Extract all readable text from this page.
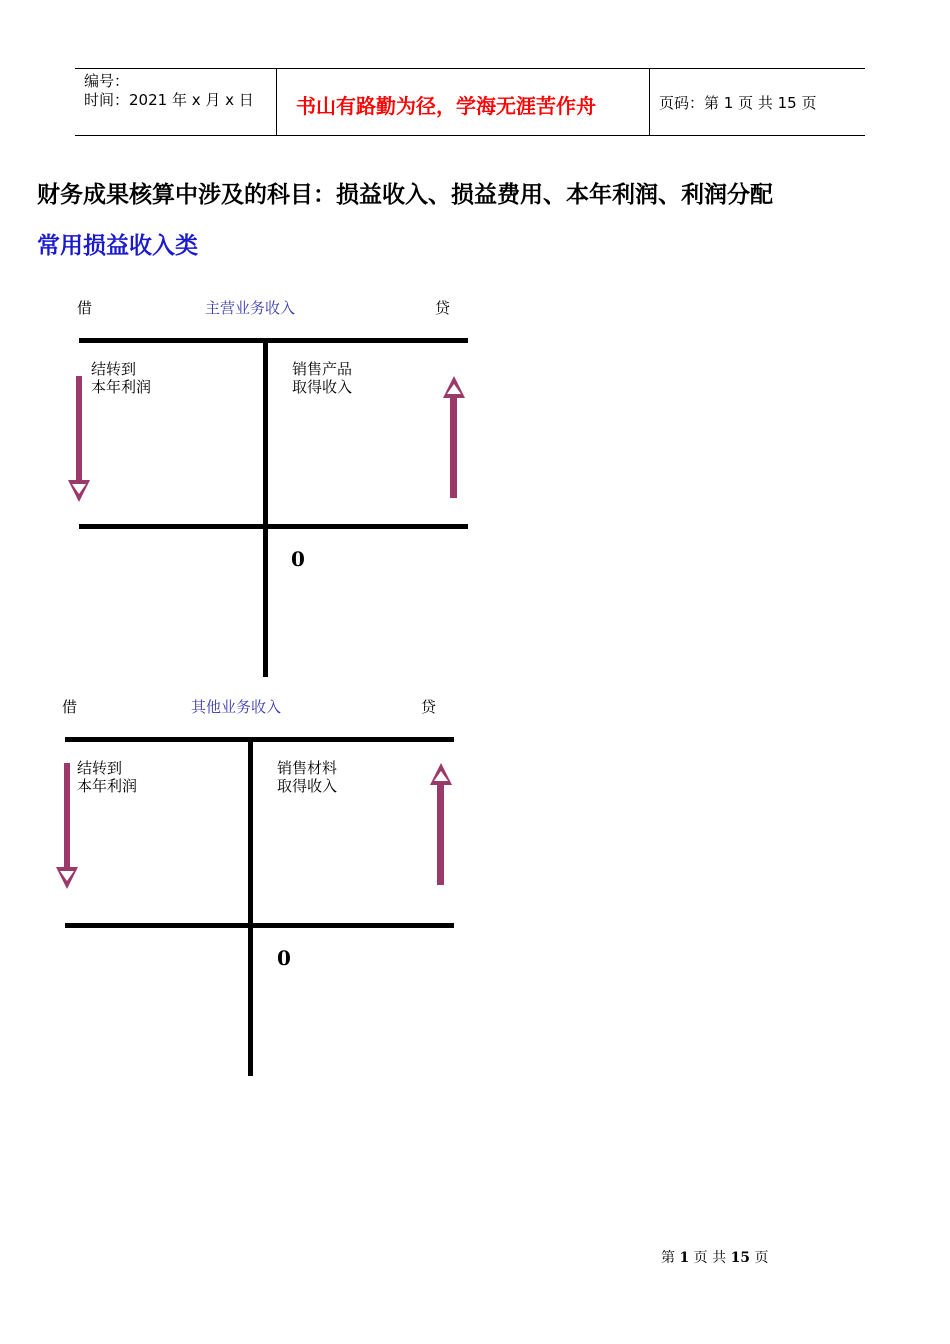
编号：
时间：2021 年 x 月 x 日 书山有路勤为径，学海无涯苦作舟	页码：第 1 页 共 15 页
财务成果核算中涉及的科目：损益收入、损益费用、本年利润、利润分配
常用损益收入类
借	主营业务收入	贷
结转到
本年利润
销售产品
取得收入
0
借	其他业务收入	贷
结转到
本年利润
销售材料
取得收入
0
第 1 页 共 15 页
